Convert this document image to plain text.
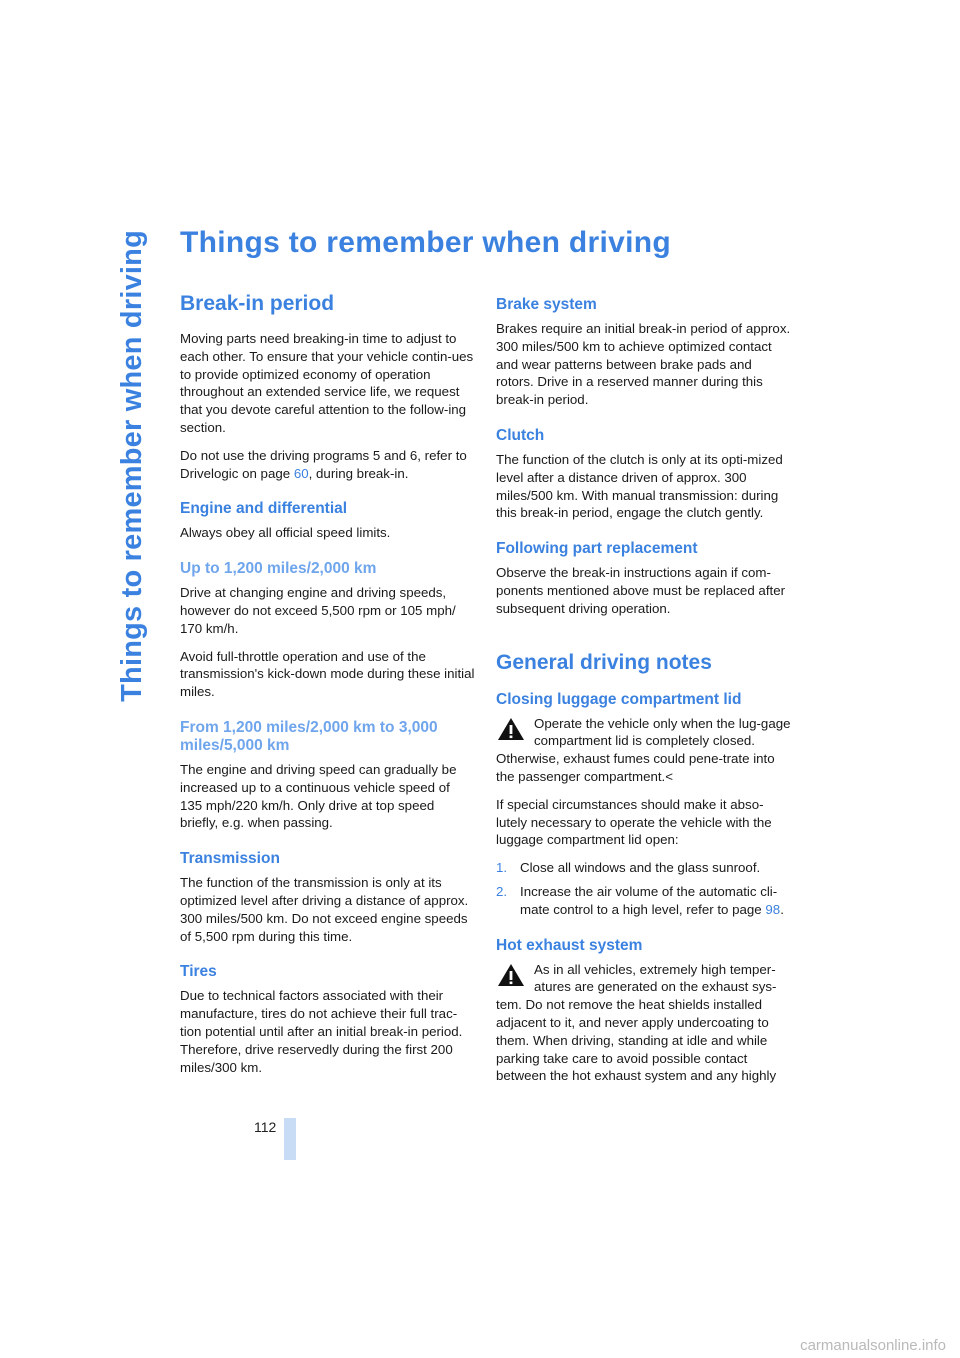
Things to remember when driving Things to remember when driving
Break-in period

Moving parts need breaking-in time to adjust to each other. To ensure that your vehicle contin-ues to provide optimized economy of operation throughout an extended service life, we request that you devote careful attention to the follow-ing section.

Do not use the driving programs 5 and 6, refer to Drivelogic on page 60, during break-in.

Engine and differential

Always obey all official speed limits.

Up to 1,200 miles/2,000 km

Drive at changing engine and driving speeds, however do not exceed 5,500 rpm or 105 mph/ 170 km/h.

Avoid full-throttle operation and use of the transmission's kick-down mode during these initial miles.

From 1,200 miles/2,000 km to 3,000 miles/5,000 km

The engine and driving speed can gradually be increased up to a continuous vehicle speed of 135 mph/220 km/h. Only drive at top speed briefly, e.g. when passing.

Transmission

The function of the transmission is only at its optimized level after driving a distance of approx. 300 miles/500 km. Do not exceed engine speeds of 5,500 rpm during this time.

Tires

Due to technical factors associated with their manufacture, tires do not achieve their full trac-tion potential until after an initial break-in period. Therefore, drive reservedly during the first 200 miles/300 km.

Brake system

Brakes require an initial break-in period of approx. 300 miles/500 km to achieve optimized contact and wear patterns between brake pads and rotors. Drive in a reserved manner during this break-in period.

Clutch

The function of the clutch is only at its opti-mized level after a distance driven of approx. 300 miles/500 km. With manual transmission: during this break-in period, engage the clutch gently.

Following part replacement

Observe the break-in instructions again if com-ponents mentioned above must be replaced after subsequent driving operation.

General driving notes
Closing luggage compartment lid

Operate the vehicle only when the lug-gage compartment lid is completely closed. Otherwise, exhaust fumes could pene-trate into the passenger compartment.<

If special circumstances should make it abso-lutely necessary to operate the vehicle with the luggage compartment lid open:

1. Close all windows and the glass sunroof.
2. Increase the air volume of the automatic cli-mate control to a high level, refer to page 98.
Hot exhaust system

As in all vehicles, extremely high temper-atures are generated on the exhaust sys-tem. Do not remove the heat shields installed adjacent to it, and never apply undercoating to them. When driving, standing at idle and while parking take care to avoid possible contact between the hot exhaust system and any highly

112
carmanualsonline.info
